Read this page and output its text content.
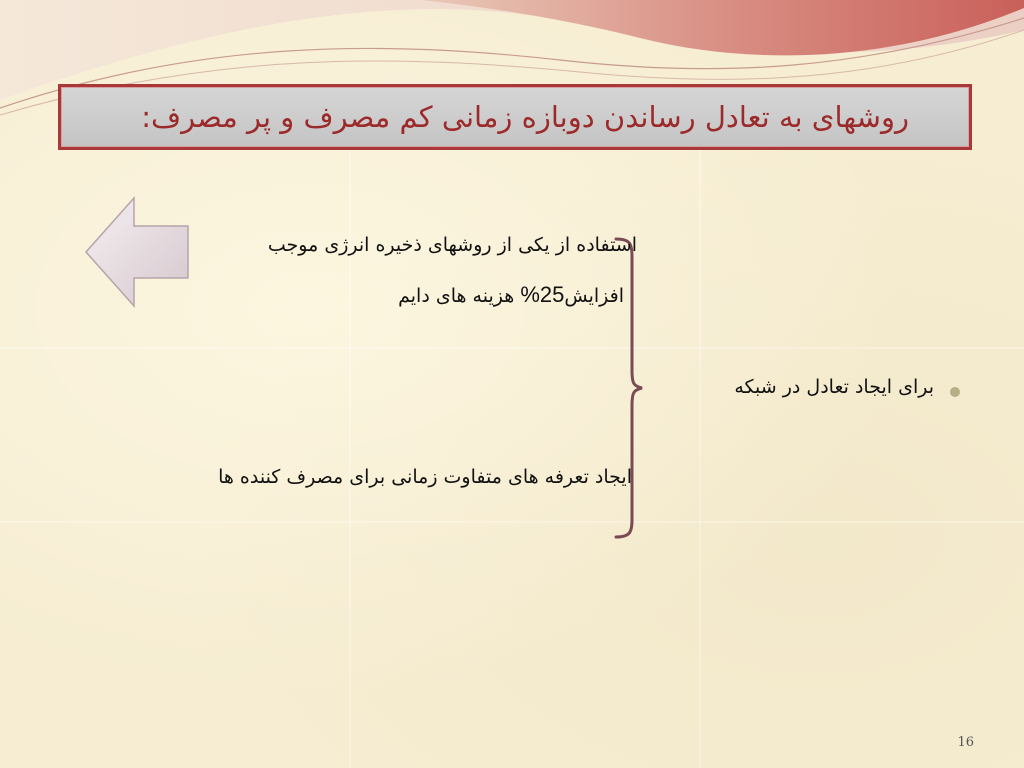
روشهای به تعادل رساندن دوبازه زمانی کم مصرف و پر مصرف:
استفاده از یکی از روشهای ذخیره انرژی موجب
افزایش25% هزینه های دایم
ایجاد تعرفه های متفاوت زمانی برای مصرف کننده ها
برای ایجاد تعادل در شبکه
16
